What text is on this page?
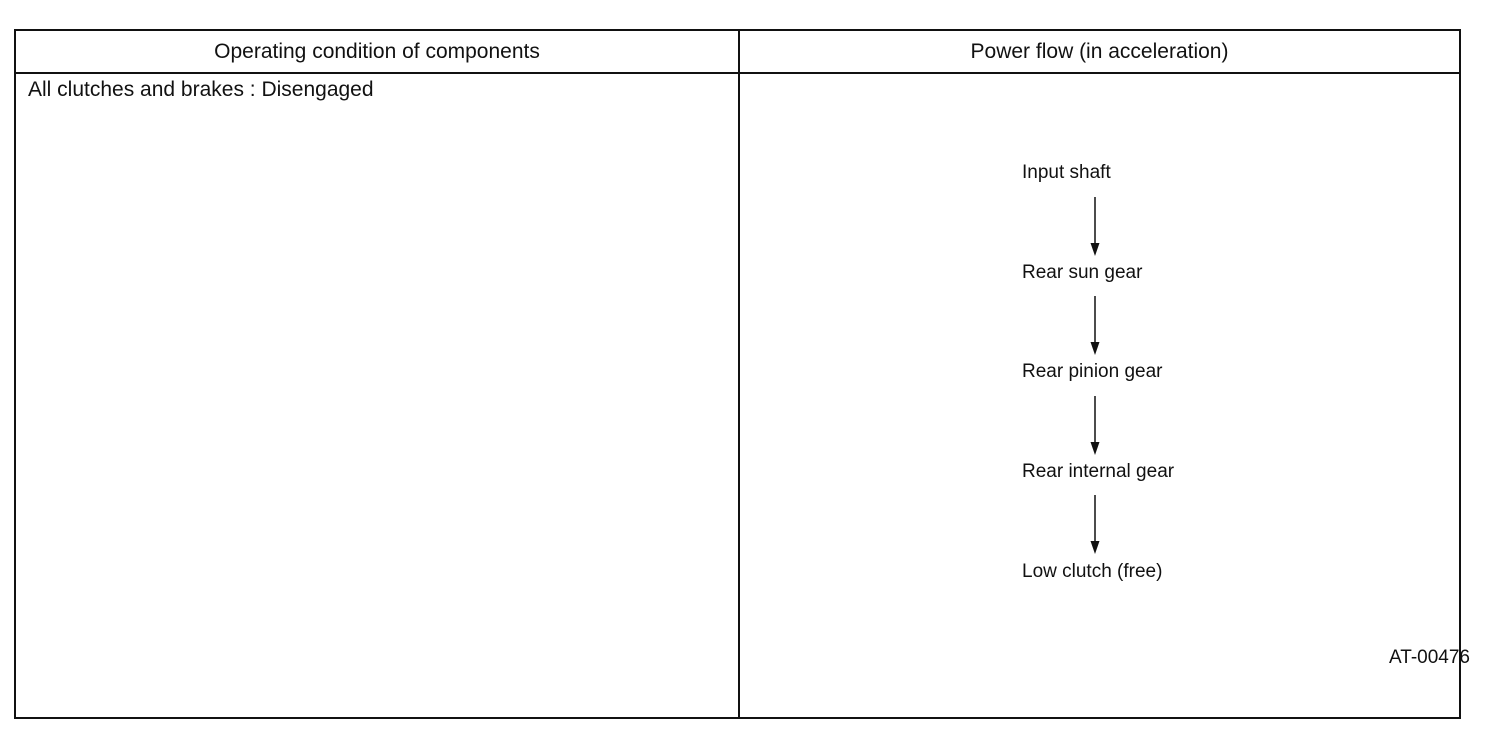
Operating condition of components	Power flow (in acceleration)
All clutches and brakes : Disengaged
Input shaft
Rear sun gear
Rear pinion gear
Rear internal gear
Low clutch (free)
AT-00476
